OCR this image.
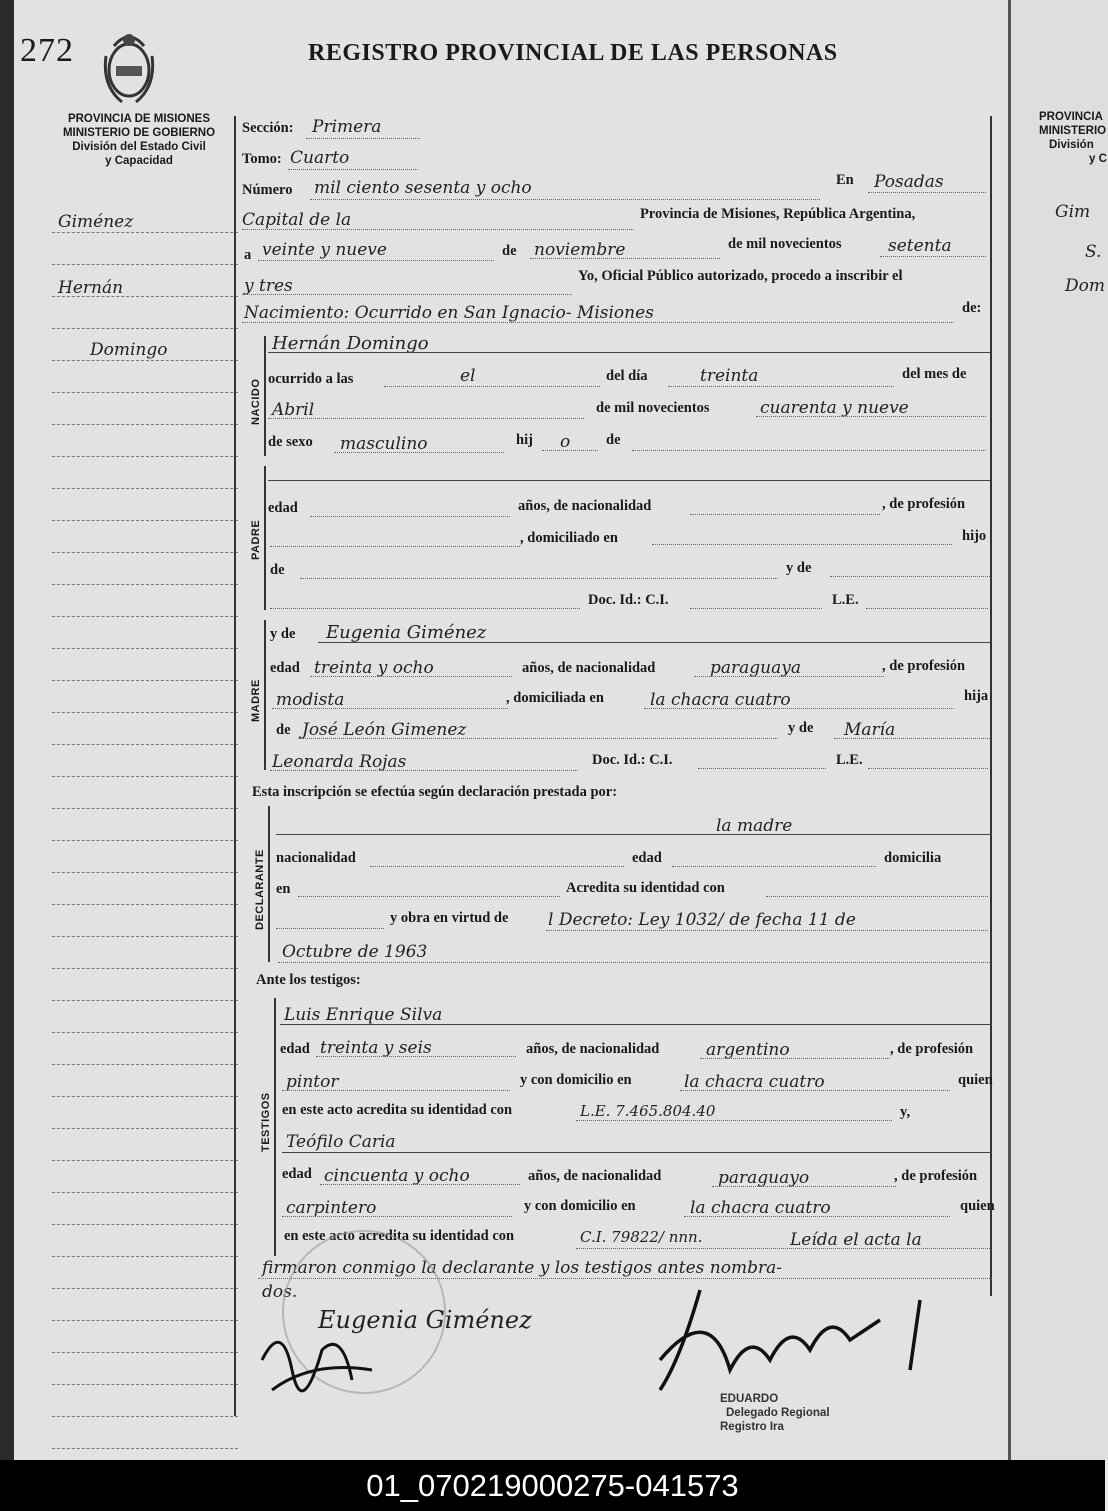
PROVINCIA
MINISTERIO
División
y C
Gim
S.
Dom
272	REGISTRO PROVINCIAL DE LAS PERSONAS
PROVINCIA DE MISIONES
MINISTERIO DE GOBIERNO
División del Estado Civil
y Capacidad
Giménez
Hernán
Domingo
Sección: Primera
Tomo: Cuarto
Número mil ciento sesenta y ocho	En Posadas
Capital de la	Provincia de Misiones, República Argentina,
a veinte y nueve	de noviembre	de mil novecientos	setenta
y tres	Yo, Oficial Público autorizado, procedo a inscribir el
Nacimiento: Ocurrido en San Ignacio- Misiones	de:
NACIDO
Hernán Domingo
ocurrido a las	el	del día	treinta	del mes de
Abril	de mil novecientos	cuarenta y nueve
de sexo masculino	hij o de
PADRE
edad	años, de nacionalidad	, de profesión
, domiciliado en	hijo
de	y de
Doc. Id.: C.I.	L.E.
MADRE
y de Eugenia Giménez
edad treinta y ocho	años, de nacionalidad	paraguaya	, de profesión
modista	, domiciliada en	la chacra cuatro	hija
de José León Gimenez	y de María
Leonarda Rojas	Doc. Id.: C.I.	L.E.
Esta inscripción se efectúa según declaración prestada por:
DECLARANTE
la madre
nacionalidad	edad	domicilia
en	Acredita su identidad con
y obra en virtud de l Decreto: Ley 1032/ de fecha 11 de
Octubre de 1963
Ante los testigos:
TESTIGOS
Luis Enrique Silva
edad treinta y seis	años, de nacionalidad	argentino	, de profesión
pintor	y con domicilio en	la chacra cuatro	quien
en este acto acredita su identidad con	L.E. 7.465.804.40	y,
Teófilo Caria
edad cincuenta y ocho	años, de nacionalidad	paraguayo	, de profesión
carpintero	y con domicilio en	la chacra cuatro	quien
en este acto acredita su identidad con	C.I. 79822/ nnn.	Leída el acta la
firmaron conmigo la declarante y los testigos antes nombra-
dos.
Eugenia Giménez
EDUARDO
Delegado Regional
Registro Ira
01_070219000275-041573
